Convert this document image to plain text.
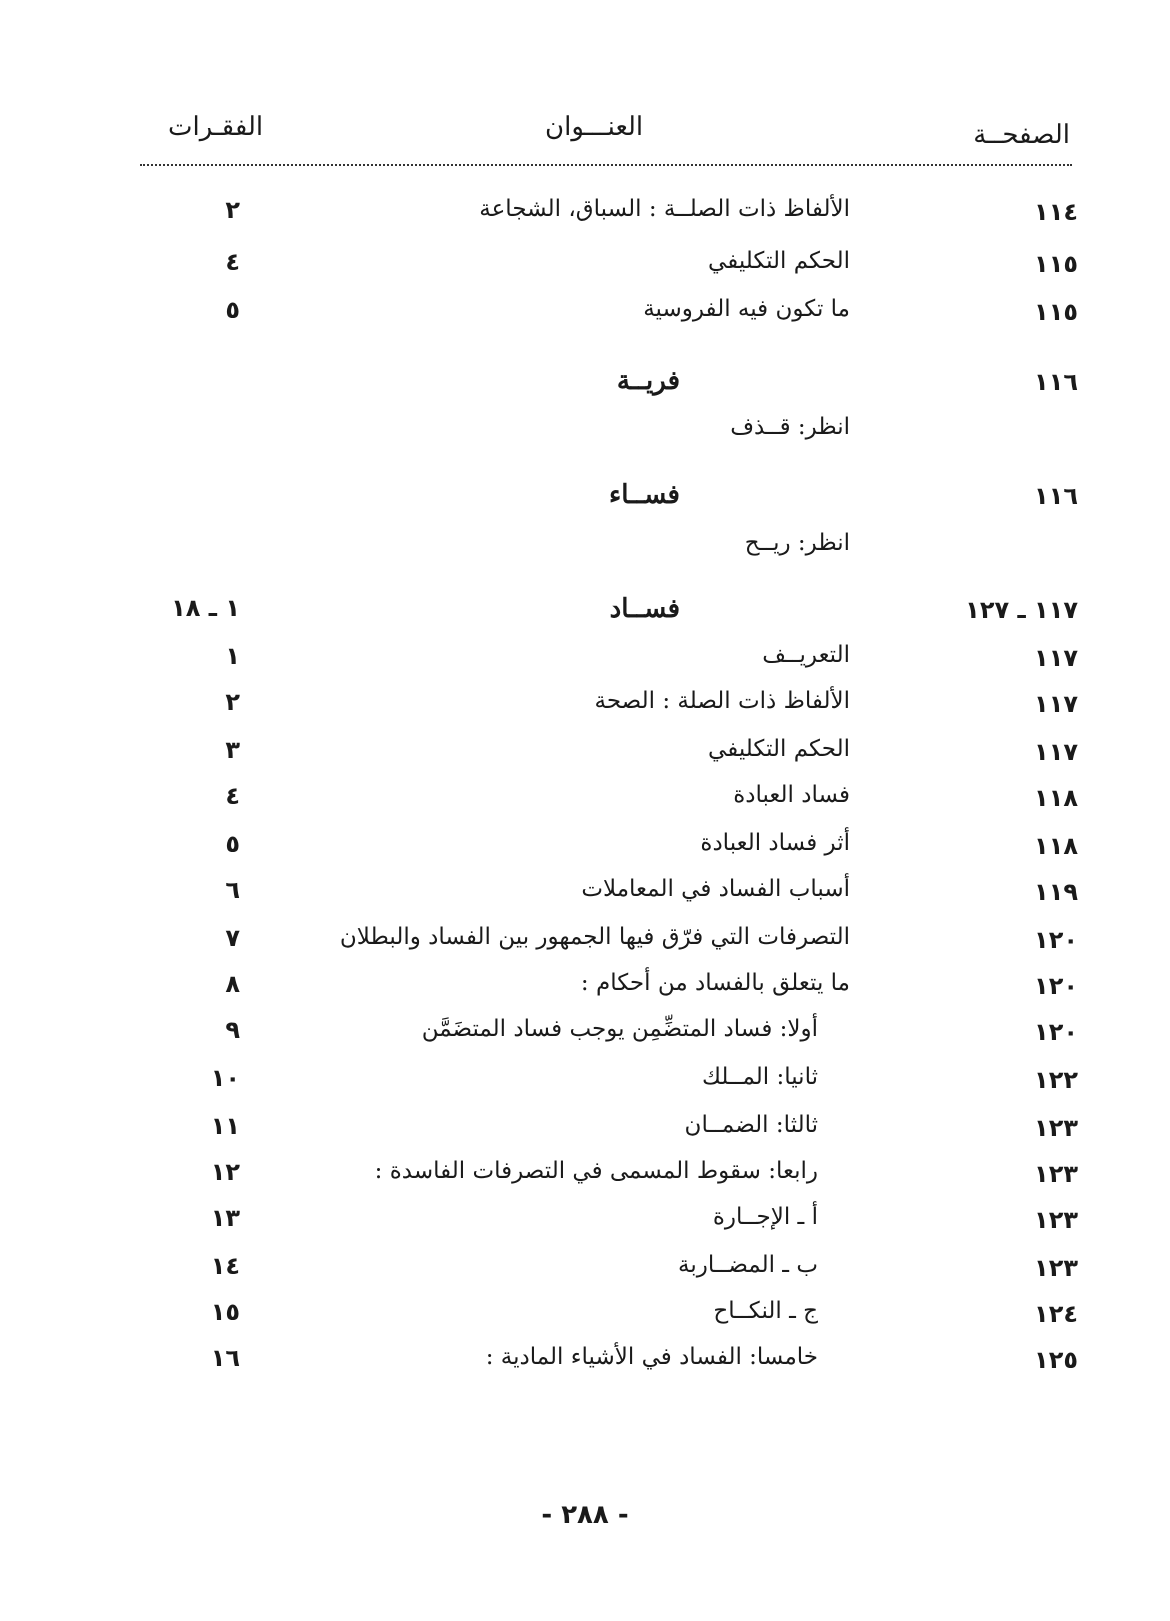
الصفحــة
العنـــوان
الفقـرات
١١٤
الألفاظ ذات الصلــة : السباق، الشجاعة
٢
١١٥
الحكم التكليفي
٤
١١٥
ما تكون فيه الفروسية
٥
١١٦
فريــة
انظر: قــذف
١١٦
فســاء
انظر: ريــح
١١٧ ـ ١٢٧
فســاد
١ ـ ١٨
١١٧
التعريــف
١
١١٧
الألفاظ ذات الصلة : الصحة
٢
١١٧
الحكم التكليفي
٣
١١٨
فساد العبادة
٤
١١٨
أثر فساد العبادة
٥
١١٩
أسباب الفساد في المعاملات
٦
١٢٠
التصرفات التي فرّق فيها الجمهور بين الفساد والبطلان
٧
١٢٠
ما يتعلق بالفساد من أحكام :
٨
١٢٠
أولا: فساد المتضِّمِن يوجب فساد المتضَمَّن
٩
١٢٢
ثانيا: المــلك
١٠
١٢٣
ثالثا: الضمــان
١١
١٢٣
رابعا: سقوط المسمى في التصرفات الفاسدة :
١٢
١٢٣
أ ـ الإجــارة
١٣
١٢٣
ب ـ المضــاربة
١٤
١٢٤
ج ـ النكــاح
١٥
١٢٥
خامسا: الفساد في الأشياء المادية :
١٦
- ٢٨٨ -
